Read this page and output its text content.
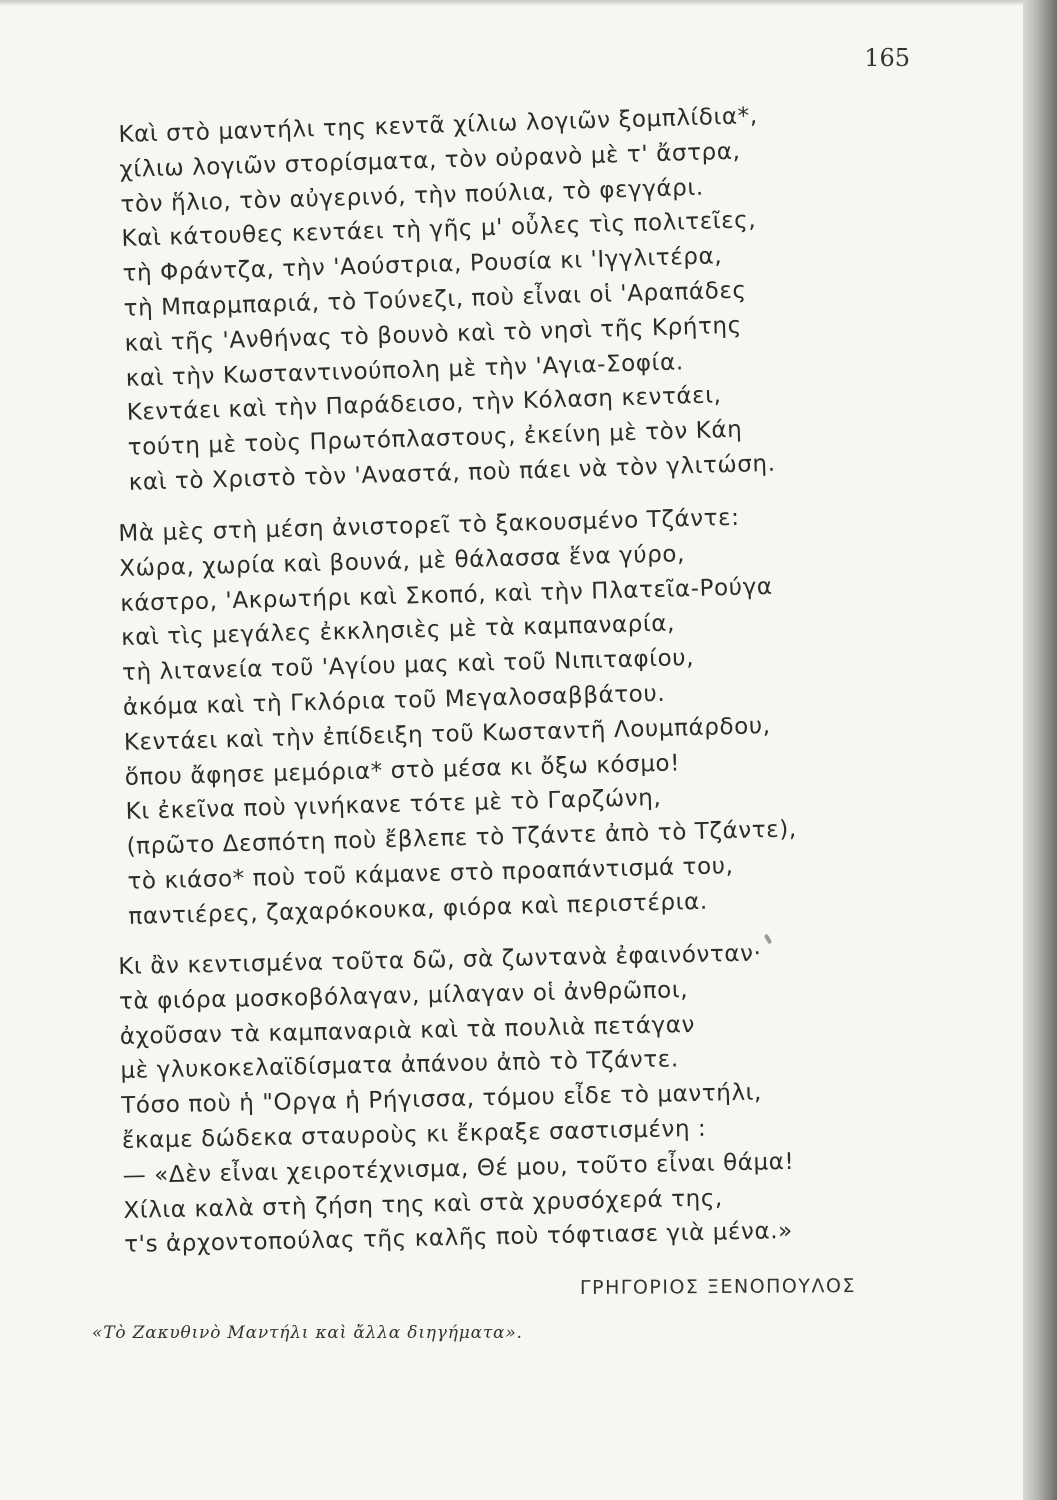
165
Καὶ στὸ μαντήλι της κεντᾶ χίλιω λογιῶν ξομπλίδια*,
χίλιω λογιῶν στορίσματα, τὸν οὐρανὸ μὲ τ' ἄστρα,
τὸν ἥλιο, τὸν αὐγερινό, τὴν πούλια, τὸ φεγγάρι.
Καὶ κάτουθες κεντάει τὴ γῆς μ' οὖλες τὶς πολιτεῖες,
τὴ Φράντζα, τὴν 'Αούστρια, Ρουσία κι 'Ιγγλιτέρα,
τὴ Μπαρμπαριά, τὸ Τούνεζι, ποὺ εἶναι οἱ 'Αραπάδες
καὶ τῆς 'Ανθήνας τὸ βουνὸ καὶ τὸ νησὶ τῆς Κρήτης
καὶ τὴν Κωσταντινούπολη μὲ τὴν 'Αγια-Σοφία.
Κεντάει καὶ τὴν Παράδεισο, τὴν Κόλαση κεντάει,
τούτη μὲ τοὺς Πρωτόπλαστους, ἐκείνη μὲ τὸν Κάη
καὶ τὸ Χριστὸ τὸν 'Αναστά, ποὺ πάει νὰ τὸν γλιτώση.
Μὰ μὲς στὴ μέση ἀνιστορεῖ τὸ ξακουσμένο Τζάντε:
Χώρα, χωρία καὶ βουνά, μὲ θάλασσα ἕνα γύρο,
κάστρο, 'Ακρωτήρι καὶ Σκοπό, καὶ τὴν Πλατεῖα-Ρούγα
καὶ τὶς μεγάλες ἐκκλησιὲς μὲ τὰ καμπαναρία,
τὴ λιτανεία τοῦ 'Αγίου μας καὶ τοῦ Νιπιταφίου,
ἀκόμα καὶ τὴ Γκλόρια τοῦ Μεγαλοσαββάτου.
Κεντάει καὶ τὴν ἐπίδειξη τοῦ Κωσταντῆ Λουμπάρδου,
ὅπου ἄφησε μεμόρια* στὸ μέσα κι ὄξω κόσμο!
Κι ἐκεῖνα ποὺ γινήκανε τότε μὲ τὸ Γαρζώνη,
(πρῶτο Δεσπότη ποὺ ἔβλεπε τὸ Τζάντε ἀπὸ τὸ Τζάντε),
τὸ κιάσο* ποὺ τοῦ κάμανε στὸ προαπάντισμά του,
παντιέρες, ζαχαρόκουκα, φιόρα καὶ περιστέρια.
Κι ἂν κεντισμένα τοῦτα δῶ, σὰ ζωντανὰ ἐφαινόνταν·
τὰ φιόρα μοσκοβόλαγαν, μίλαγαν οἱ ἀνθρῶποι,
ἀχοῦσαν τὰ καμπαναριὰ καὶ τὰ πουλιὰ πετάγαν
μὲ γλυκοκελαϊδίσματα ἀπάνου ἀπὸ τὸ Τζάντε.
Τόσο ποὺ ἡ "Οργα ἡ Ρήγισσα, τόμου εἶδε τὸ μαντήλι,
ἔκαμε δώδεκα σταυροὺς κι ἔκραξε σαστισμένη :
— «Δὲν εἶναι χειροτέχνισμα, Θέ μου, τοῦτο εἶναι θάμα!
Χίλια καλὰ στὴ ζήση της καὶ στὰ χρυσόχερά της,
τ's ἀρχοντοπούλας τῆς καλῆς ποὺ τόφτιασε γιὰ μένα.»
ΓΡΗΓΟΡΙΟΣ ΞΕΝΟΠΟΥΛΟΣ
«Τὸ Ζακυθινὸ Μαντήλι καὶ ἄλλα διηγήματα».
